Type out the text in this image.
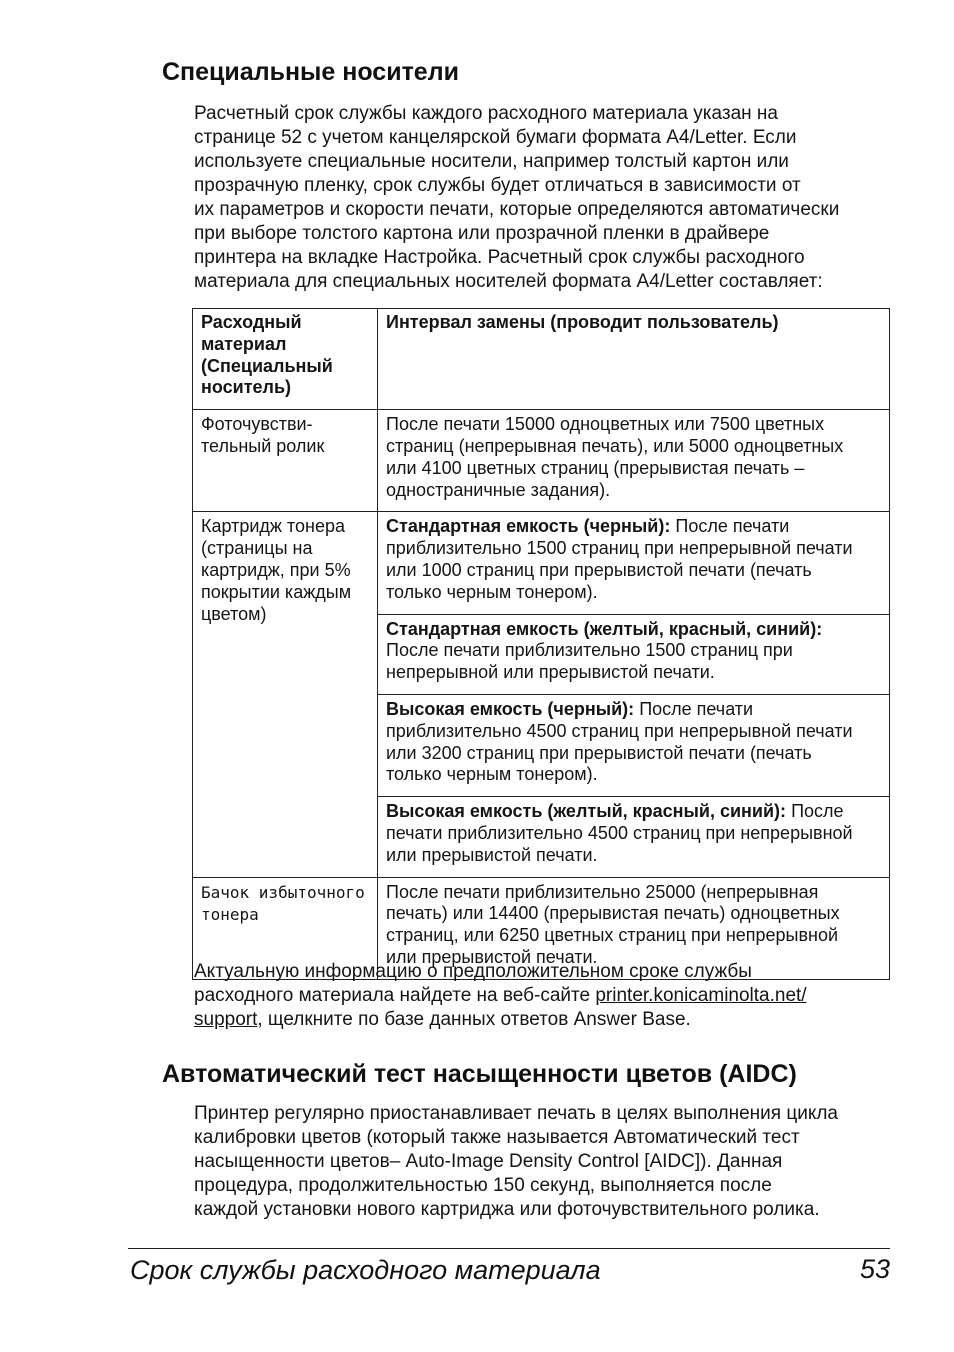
Специальные носители
Расчетный срок службы каждого расходного материала указан на
странице 52 с учетом канцелярской бумаги формата A4/Letter. Если
используете специальные носители, например толстый картон или
прозрачную пленку, срок службы будет отличаться в зависимости от
их параметров и скорости печати, которые определяются автоматически
при выборе толстого картона или прозрачной пленки в драйвере
принтера на вкладке Настройка. Расчетный срок службы расходного
материала для специальных носителей формата A4/Letter составляет:
Расходный
материал
(Специальный
носитель)	Интервал замены (проводит пользователь)

Фоточувстви-
тельный ролик	После печати 15000 одноцветных или 7500 цветных
страниц (непрерывная печать), или 5000 одноцветных
или 4100 цветных страниц (прерывистая печать –
одностраничные задания).

Картридж тонера
(страницы на
картридж, при 5%
покрытии каждым
цветом)	Стандартная емкость (черный): После печати
приблизительно 1500 страниц при непрерывной печати
или 1000 страниц при прерывистой печати (печать
только черным тонером).

	Стандартная емкость (желтый, красный, синий):
После печати приблизительно 1500 страниц при
непрерывной или прерывистой печати.

	Высокая емкость (черный): После печати
приблизительно 4500 страниц при непрерывной печати
или 3200 страниц при прерывистой печати (печать
только черным тонером).

	Высокая емкость (желтый, красный, синий): После
печати приблизительно 4500 страниц при непрерывной
или прерывистой печати.

Бачок избыточного
тонера	После печати приблизительно 25000 (непрерывная
печать) или 14400 (прерывистая печать) одноцветных
страниц, или 6250 цветных страниц при непрерывной
или прерывистой печати.
Актуальную информацию о предположительном сроке службы
расходного материала найдете на веб-сайте printer.konicaminolta.net/
support, щелкните по базе данных ответов Answer Base.
Автоматический тест насыщенности цветов (AIDC)
Принтер регулярно приостанавливает печать в целях выполнения цикла
калибровки цветов (который также называется Автоматический тест
насыщенности цветов– Auto-Image Density Control [AIDC]). Данная
процедура, продолжительностью 150 секунд, выполняется после
каждой установки нового картриджа или фоточувствительного ролика.

Срок службы расходного материала	53
